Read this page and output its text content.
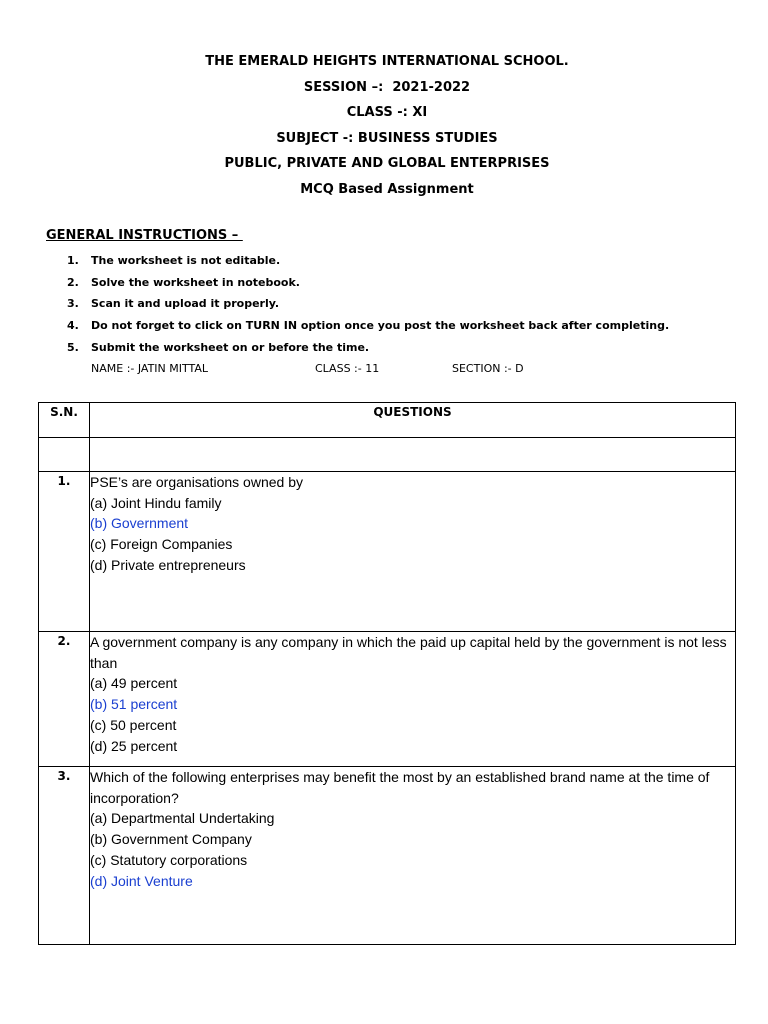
THE EMERALD HEIGHTS INTERNATIONAL SCHOOL.
SESSION –:  2021-2022
CLASS -: XI
SUBJECT -: BUSINESS STUDIES
PUBLIC, PRIVATE AND GLOBAL ENTERPRISES
MCQ Based Assignment
GENERAL INSTRUCTIONS –
1.	The worksheet is not editable.
2.	Solve the worksheet in notebook.
3.	Scan it and upload it properly.
4.	Do not forget to click on TURN IN option once you post the worksheet back after completing.
5.	Submit the worksheet on or before the time.
NAME :- JATIN MITTAL	CLASS :- 11	SECTION :- D
S.N.	QUESTIONS

1.	PSE’s are organisations owned by
(a) Joint Hindu family
(b) Government
(c) Foreign Companies
(d) Private entrepreneurs

2.	A government company is any company in which the paid up capital held by the government is not less than
(a) 49 percent
(b) 51 percent
(c) 50 percent
(d) 25 percent

3.	Which of the following enterprises may benefit the most by an established brand name at the time of incorporation?
(a) Departmental Undertaking
(b) Government Company
(c) Statutory corporations
(d) Joint Venture
